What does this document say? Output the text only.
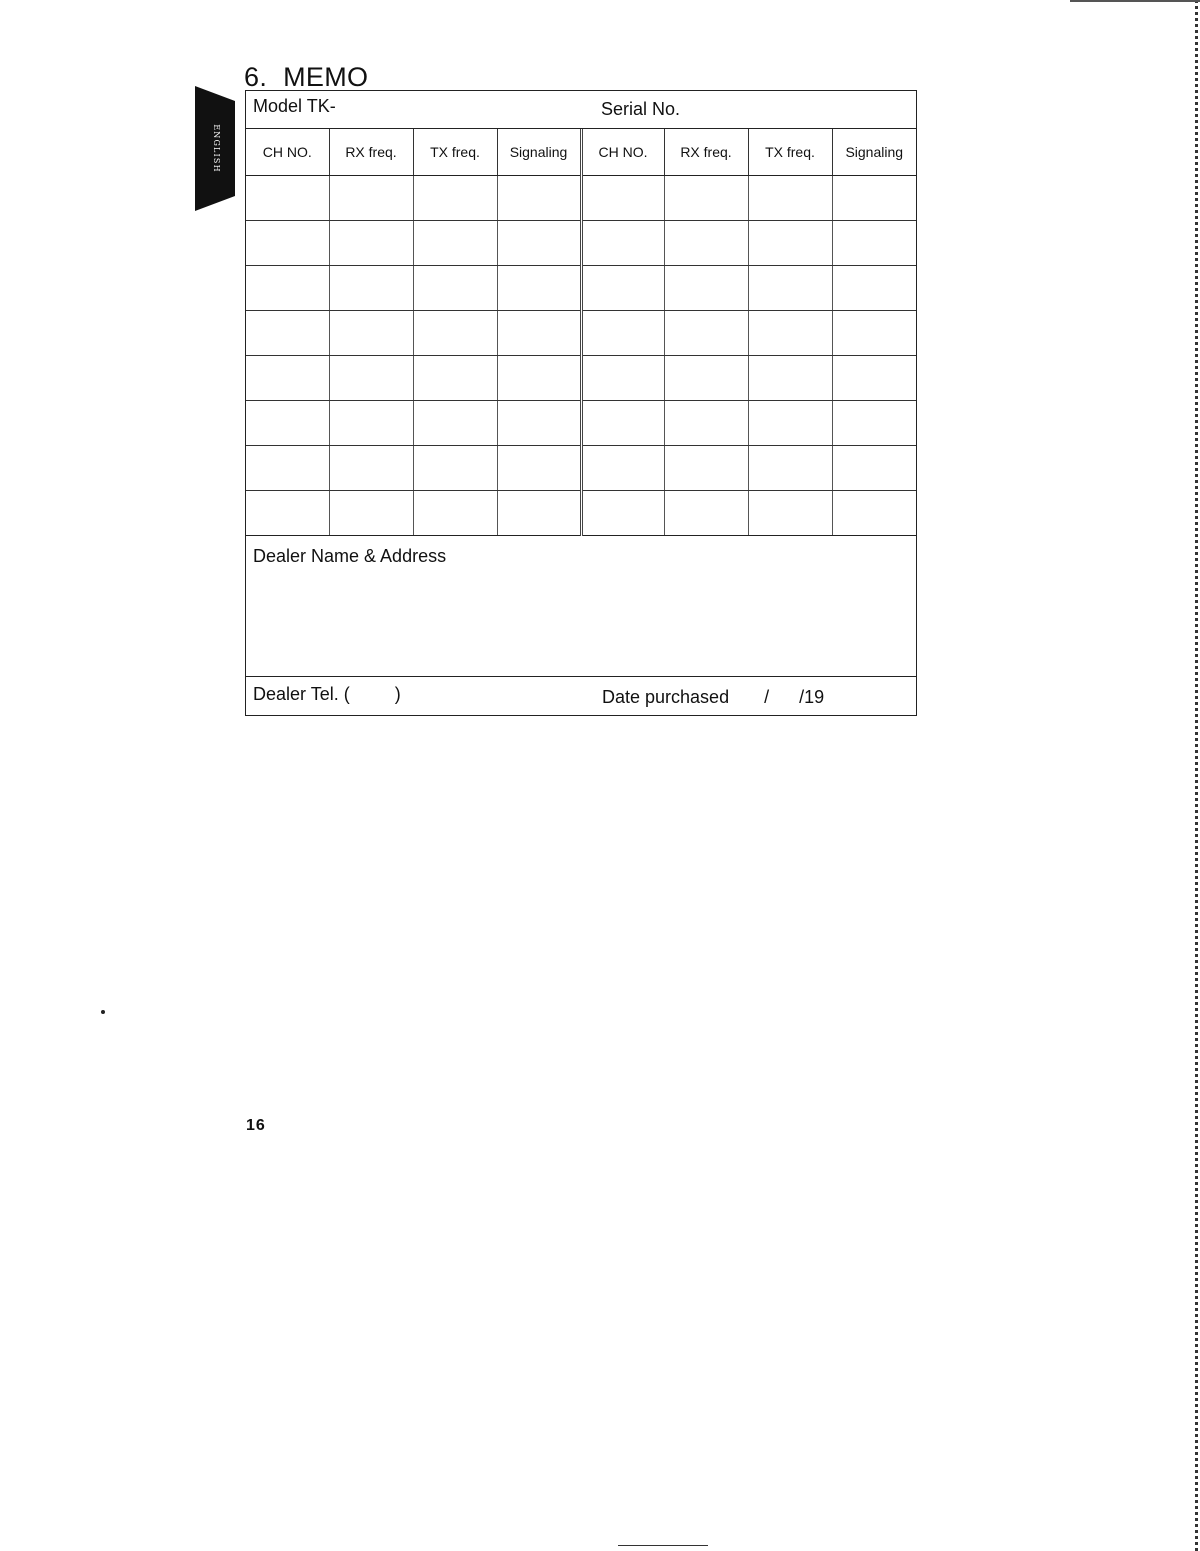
6. MEMO
ENGLISH
Model TK-	Serial No.
CH NO.	RX freq.	TX freq.	Signaling	CH NO.	RX freq.	TX freq.	Signaling

Dealer Name & Address
Dealer Tel. (         )	Date purchased       /      /19
16
